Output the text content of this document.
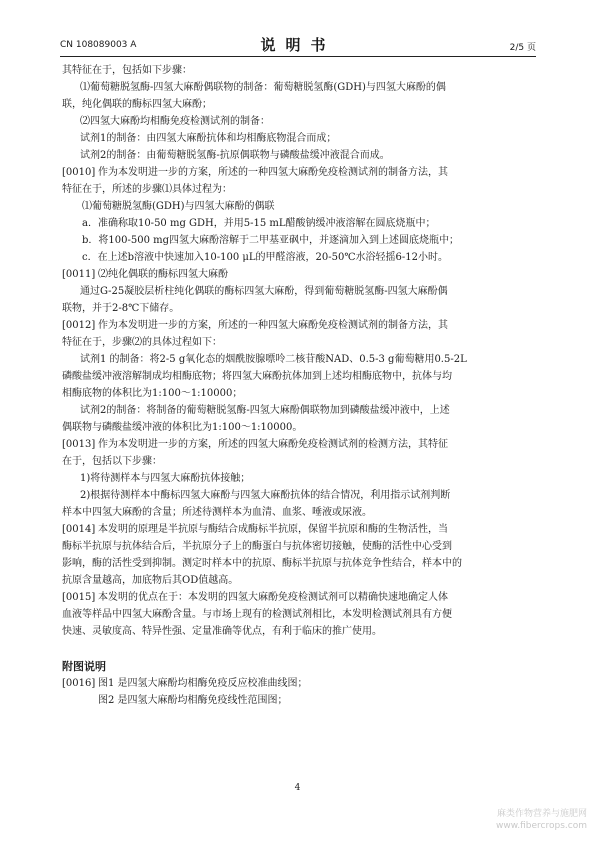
CN 108089003 A	说明书	2/5 页
其特征在于，包括如下步骤：
⑴葡萄糖脱氢酶-四氢大麻酚偶联物的制备：葡萄糖脱氢酶(GDH)与四氢大麻酚的偶
联，纯化偶联的酶标四氢大麻酚；
⑵四氢大麻酚均相酶免疫检测试剂的制备：
试剂1的制备：由四氢大麻酚抗体和均相酶底物混合而成；
试剂2的制备：由葡萄糖脱氢酶-抗原偶联物与磷酸盐缓冲液混合而成。
[0010] 作为本发明进一步的方案，所述的一种四氢大麻酚免疫检测试剂的制备方法，其
特征在于，所述的步骤⑴具体过程为：
⑴葡萄糖脱氢酶(GDH)与四氢大麻酚的偶联
a．准确称取10-50 mg GDH，并用5-15 mL醋酸钠缓冲液溶解在圆底烧瓶中；
b．将100-500 mg四氢大麻酚溶解于二甲基亚砜中，并逐滴加入到上述圆底烧瓶中；
c．在上述b溶液中快速加入10-100 μL的甲醛溶液，20-50℃水浴轻摇6-12小时。
[0011] ⑵纯化偶联的酶标四氢大麻酚
通过G-25凝胶层析柱纯化偶联的酶标四氢大麻酚，得到葡萄糖脱氢酶-四氢大麻酚偶
联物，并于2-8℃下储存。
[0012] 作为本发明进一步的方案，所述的一种四氢大麻酚免疫检测试剂的制备方法，其
特征在于，步骤⑵的具体过程如下：
试剂1 的制备：将2-5 g氧化态的烟酰胺腺嘌呤二核苷酸NAD、0.5-3 g葡萄糖用0.5-2L
磷酸盐缓冲液溶解制成均相酶底物；将四氢大麻酚抗体加到上述均相酶底物中，抗体与均
相酶底物的体积比为1:100～1:10000；
试剂2的制备：将制备的葡萄糖脱氢酶-四氢大麻酚偶联物加到磷酸盐缓冲液中，上述
偶联物与磷酸盐缓冲液的体积比为1:100～1:10000。
[0013] 作为本发明进一步的方案，所述的四氢大麻酚免疫检测试剂的检测方法，其特征
在于，包括以下步骤：
1)将待测样本与四氢大麻酚抗体接触；
2)根据待测样本中酶标四氢大麻酚与四氢大麻酚抗体的结合情况，利用指示试剂判断
样本中四氢大麻酚的含量；所述待测样本为血清、血浆、唾液或尿液。
[0014] 本发明的原理是半抗原与酶结合成酶标半抗原，保留半抗原和酶的生物活性，当
酶标半抗原与抗体结合后，半抗原分子上的酶蛋白与抗体密切接触，使酶的活性中心受到
影响，酶的活性受到抑制。测定时样本中的抗原、酶标半抗原与抗体竞争性结合，样本中的
抗原含量越高，加底物后其OD值越高。
[0015] 本发明的优点在于：本发明的四氢大麻酚免疫检测试剂可以精确快速地确定人体
血液等样品中四氢大麻酚含量。与市场上现有的检测试剂相比，本发明检测试剂具有方便
快速、灵敏度高、特异性强、定量准确等优点，有利于临床的推广使用。
附图说明
[0016] 图1 是四氢大麻酚均相酶免疫反应校准曲线图；
图2 是四氢大麻酚均相酶免疫线性范围图；
4
麻类作物营养与施肥网
www.fibercrops.com
